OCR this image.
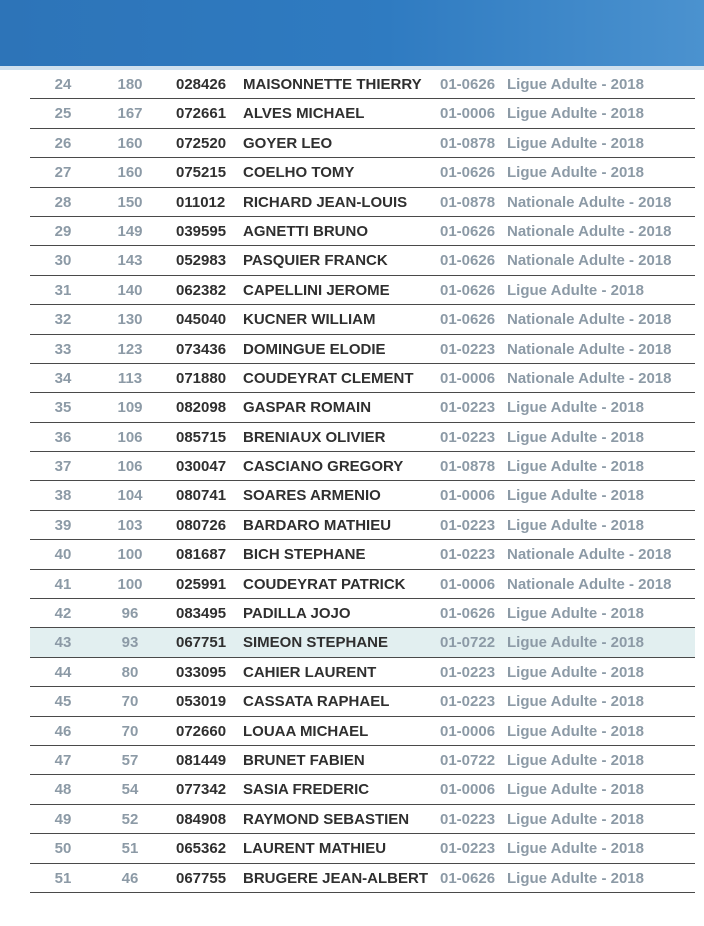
24	180	028426 MAISONNETTE THIERRY 01-0626 Ligue Adulte - 2018
25	167	072661 ALVES MICHAEL	01-0006 Ligue Adulte - 2018
26	160	072520 GOYER LEO	01-0878 Ligue Adulte - 2018
27	160	075215 COELHO TOMY	01-0626 Ligue Adulte - 2018
28	150	011012 RICHARD JEAN-LOUIS 01-0878 Nationale Adulte - 2018
29	149	039595 AGNETTI BRUNO	01-0626 Nationale Adulte - 2018
30	143	052983 PASQUIER FRANCK	01-0626 Nationale Adulte - 2018
31	140	062382 CAPELLINI JEROME	01-0626 Ligue Adulte - 2018
32	130	045040 KUCNER WILLIAM	01-0626 Nationale Adulte - 2018
33	123	073436 DOMINGUE ELODIE	01-0223 Nationale Adulte - 2018
34	113	071880 COUDEYRAT CLEMENT 01-0006 Nationale Adulte - 2018
35	109	082098 GASPAR ROMAIN	01-0223 Ligue Adulte - 2018
36	106	085715 BRENIAUX OLIVIER	01-0223 Ligue Adulte - 2018
37	106	030047 CASCIANO GREGORY 01-0878 Ligue Adulte - 2018
38	104	080741 SOARES ARMENIO	01-0006 Ligue Adulte - 2018
39	103	080726 BARDARO MATHIEU	01-0223 Ligue Adulte - 2018
40	100	081687 BICH STEPHANE	01-0223 Nationale Adulte - 2018
41	100	025991 COUDEYRAT PATRICK 01-0006 Nationale Adulte - 2018
42	96	083495 PADILLA JOJO	01-0626 Ligue Adulte - 2018
43	93	067751 SIMEON STEPHANE	01-0722 Ligue Adulte - 2018
44	80	033095 CAHIER LAURENT	01-0223 Ligue Adulte - 2018
45	70	053019 CASSATA RAPHAEL	01-0223 Ligue Adulte - 2018
46	70	072660 LOUAA MICHAEL	01-0006 Ligue Adulte - 2018
47	57	081449 BRUNET FABIEN	01-0722 Ligue Adulte - 2018
48	54	077342 SASIA FREDERIC	01-0006 Ligue Adulte - 2018
49	52	084908 RAYMOND SEBASTIEN 01-0223 Ligue Adulte - 2018
50	51	065362 LAURENT MATHIEU	01-0223 Ligue Adulte - 2018
51	46	067755 BRUGERE JEAN-ALBERT 01-0626 Ligue Adulte - 2018
